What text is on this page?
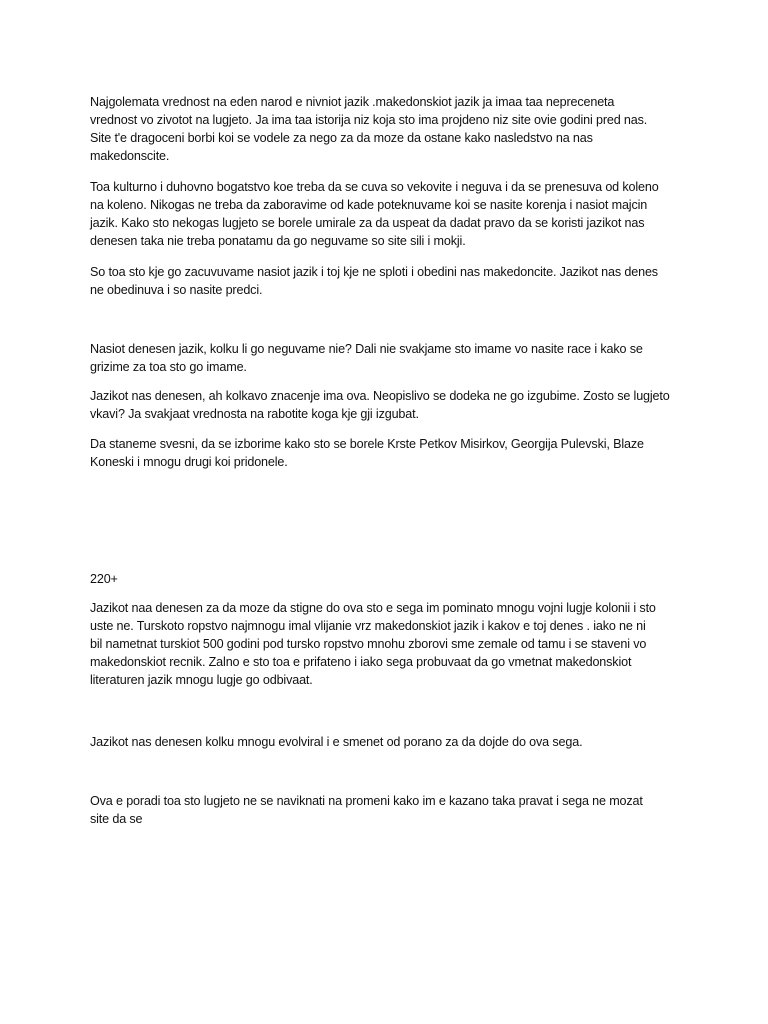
Najgolemata vrednost na eden narod e nivniot jazik .makedonskiot jazik ja imaa taa nepreceneta
vrednost vo zivotot na lugjeto. Ja ima taa istorija niz koja sto ima projdeno niz site ovie godini pred nas.
Site t'e dragoceni borbi koi se vodele za nego za da moze da ostane kako nasledstvo na nas
makedonscite.

Toa kulturno i duhovno bogatstvo koe treba da se cuva so vekovite i neguva i da se prenesuva od koleno
na koleno. Nikogas ne treba da zaboravime od kade poteknuvame koi se nasite korenja i nasiot majcin
jazik. Kako sto nekogas lugjeto se borele umirale za da uspeat da dadat pravo da se koristi jazikot nas
denesen taka nie treba ponatamu da go neguvame so site sili i mokji.

So toa sto kje go zacuvuvame nasiot jazik i toj kje ne sploti i obedini nas makedoncite. Jazikot nas denes
ne obedinuva i so nasite predci.

Nasiot denesen jazik, kolku li go neguvame nie? Dali nie svakjame sto imame vo nasite race i kako se
grizime za toa sto go imame.

Jazikot nas denesen, ah kolkavo znacenje ima ova. Neopislivo se dodeka ne go izgubime. Zosto se lugjeto
vkavi? Ja svakjaat vrednosta na rabotite koga kje gji izgubat.

Da staneme svesni, da se izborime kako sto se borele Krste Petkov Misirkov, Georgija Pulevski, Blaze
Koneski i mnogu drugi koi pridonele.

220+

Jazikot naa denesen za da moze da stigne do ova sto e sega im pominato mnogu vojni lugje kolonii i sto
uste ne. Turskoto ropstvo najmnogu imal vlijanie vrz makedonskiot jazik i kakov e toj denes . iako ne ni
bil nametnat turskiot 500 godini pod tursko ropstvo mnohu zborovi sme zemale od tamu i se staveni vo
makedonskiot recnik. Zalno e sto toa e prifateno i iako sega probuvaat da go vmetnat makedonskiot
literaturen jazik mnogu lugje go odbivaat.

Jazikot nas denesen kolku mnogu evolviral i e smenet od porano za da dojde do ova sega.

Ova e poradi toa sto lugjeto ne se naviknati na promeni kako im e kazano taka pravat i sega ne mozat
site da se
